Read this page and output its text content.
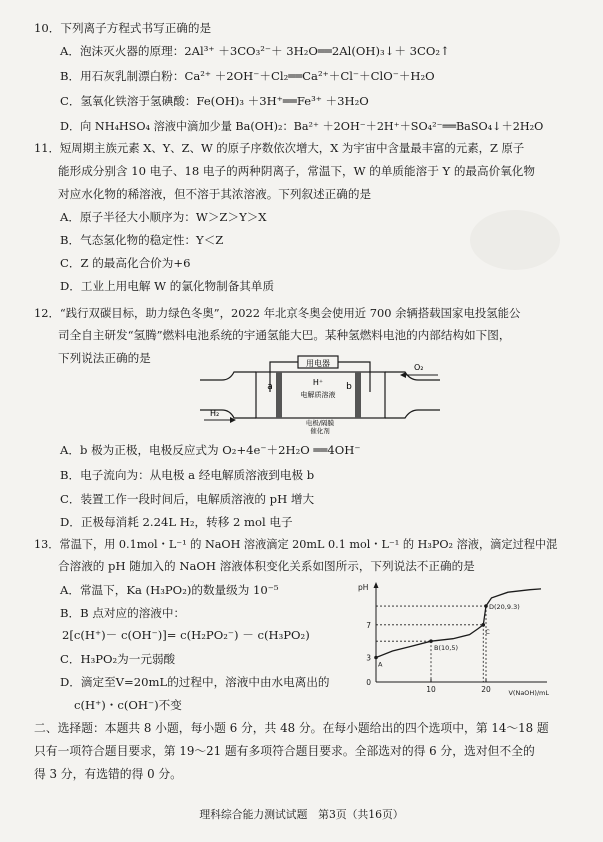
10．下列离子方程式书写正确的是
A．泡沫灭火器的原理：2Al³⁺ ＋3CO₃²⁻＋ 3H₂O══2Al(OH)₃↓＋ 3CO₂↑
B．用石灰乳制漂白粉：Ca²⁺ ＋2OH⁻＋Cl₂══Ca²⁺＋Cl⁻＋ClO⁻＋H₂O
C．氢氧化铁溶于氢碘酸：Fe(OH)₃ ＋3H⁺══Fe³⁺ ＋3H₂O
D．向 NH₄HSO₄ 溶液中滴加少量 Ba(OH)₂：Ba²⁺ ＋2OH⁻＋2H⁺＋SO₄²⁻══BaSO₄↓＋2H₂O
11．短周期主族元素 X、Y、Z、W 的原子序数依次增大，X 为宇宙中含量最丰富的元素，Z 原子
能形成分别含 10 电子、18 电子的两种阴离子，常温下，W 的单质能溶于 Y 的最高价氧化物
对应水化物的稀溶液，但不溶于其浓溶液。下列叙述正确的是
A．原子半径大小顺序为：W＞Z＞Y＞X
B．气态氢化物的稳定性：Y＜Z
C．Z 的最高化合价为+6
D．工业上用电解 W 的氯化物制备其单质
12．“践行双碳目标，助力绿色冬奥”，2022 年北京冬奥会使用近 700 余辆搭载国家电投氢能公
司全自主研发“氢腾”燃料电池系统的宇通氢能大巴。某种氢燃料电池的内部结构如下图，
下列说法正确的是	用电器
a	b
H⁺
电解质溶液
H₂
O₂
电极/隔膜
催化剂
A．b 极为正极，电极反应式为 O₂+4e⁻＋2H₂O ══4OH⁻
B．电子流向为：从电极 a 经电解质溶液到电极 b
C．装置工作一段时间后，电解质溶液的 pH 增大
D．正极每消耗 2.24L H₂，转移 2 mol 电子
13．常温下，用 0.1mol・L⁻¹ 的 NaOH 溶液滴定 20mL 0.1 mol・L⁻¹ 的 H₃PO₂ 溶液，滴定过程中混
合溶液的 pH 随加入的 NaOH 溶液体积变化关系如图所示，下列说法不正确的是
A．常温下，Ka (H₃PO₂)的数量级为 10⁻⁵
B．B 点对应的溶液中：
2[c(H⁺)－ c(OH⁻)]= c(H₂PO₂⁻) － c(H₃PO₂)
C．H₃PO₂为一元弱酸
D．滴定至V=20mL的过程中，溶液中由水电离出的
c(H⁺)・c(OH⁻)不变
pH
V(NaOH)/mL
0
3
7
10	20
A
B(10,5)
C
D(20,9.3)
二、选择题：本题共 8 小题，每小题 6 分，共 48 分。在每小题给出的四个选项中，第 14～18 题
只有一项符合题目要求，第 19～21 题有多项符合题目要求。全部选对的得 6 分，选对但不全的
得 3 分，有选错的得 0 分。
理科综合能力测试试题　第3页（共16页）
